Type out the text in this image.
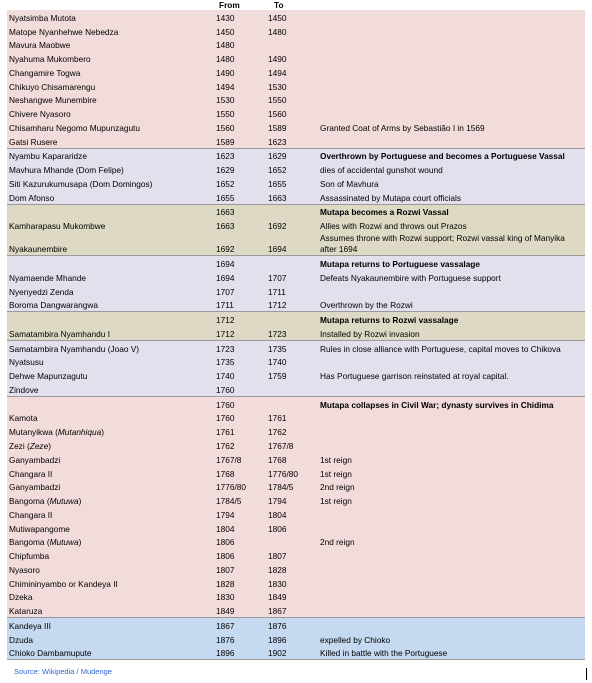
From	To
Nyatsimba Mutota	1430	1450	
Matope Nyanhehwe Nebedza	1450	1480	
Mavura Maobwe	1480		
Nyahuma Mukombero	1480	1490	
Changamire Togwa	1490	1494	
Chikuyo Chisamarengu	1494	1530	
Neshangwe Munembire	1530	1550	
Chivere Nyasoro	1550	1560	
Chisamharu Negomo Mupunzagutu	1560	1589	Granted Coat of Arms by Sebastião I in 1569
Gatsi Rusere	1589	1623	
Nyambu Kapararidze	1623	1629	Overthrown by Portuguese and becomes a Portuguese Vassal
Mavhura Mhande (Dom Felipe)	1629	1652	dies of accidental gunshot wound
Siti Kazurukumusapa (Dom Domingos)	1652	1655	Son of Mavhura
Dom Afonso	1655	1663	Assassinated by Mutapa court officials
	1663		Mutapa becomes a Rozwi Vassal
Kamharapasu Mukombwe	1663	1692	Allies with Rozwi and throws out Prazos
Nyakaunembire	1692	1694	Assumes throne with Rozwi support; Rozwi vassal king of Manyika after 1694
	1694		Mutapa returns to Portuguese vassalage
Nyamaende Mhande	1694	1707	Defeats Nyakaunembire with Portuguese support
Nyenyedzi Zenda	1707	1711	
Boroma Dangwarangwa	1711	1712	Overthrown by the Rozwi
	1712		Mutapa returns to Rozwi vassalage
Samatambira Nyamhandu I	1712	1723	Installed by Rozwi invasion
Samatambira Nyamhandu (Joao V)	1723	1735	Rules in close alliance with Portuguese, capital moves to Chikova
Nyatsusu	1735	1740	
Dehwe Mapunzagutu	1740	1759	Has Portuguese garrison reinstated at royal capital.
Zindove	1760		
	1760		Mutapa collapses in Civil War; dynasty survives in Chidima
Kamota	1760	1761	
Mutanyikwa (Mutanhiqua)	1761	1762	
Zezi (Zeze)	1762	1767/8	
Ganyambadzi	1767/8	1768	1st reign
Changara II	1768	1776/80	1st reign
Ganyambadzi	1776/80	1784/5	2nd reign
Bangoma (Mutuwa)	1784/5	1794	1st reign
Changara II	1794	1804	
Mutiwapangome	1804	1806	
Bangoma (Mutuwa)	1806		2nd reign
Chipfumba	1806	1807	
Nyasoro	1807	1828	
Chimininyambo or Kandeya II	1828	1830	
Dzeka	1830	1849	
Kataruza	1849	1867	
Kandeya III	1867	1876	
Dzuda	1876	1896	expelled by Chioko
Chioko Dambamupute	1896	1902	Killed in battle with the Portuguese
Source: Wikipedia / Mudenge
